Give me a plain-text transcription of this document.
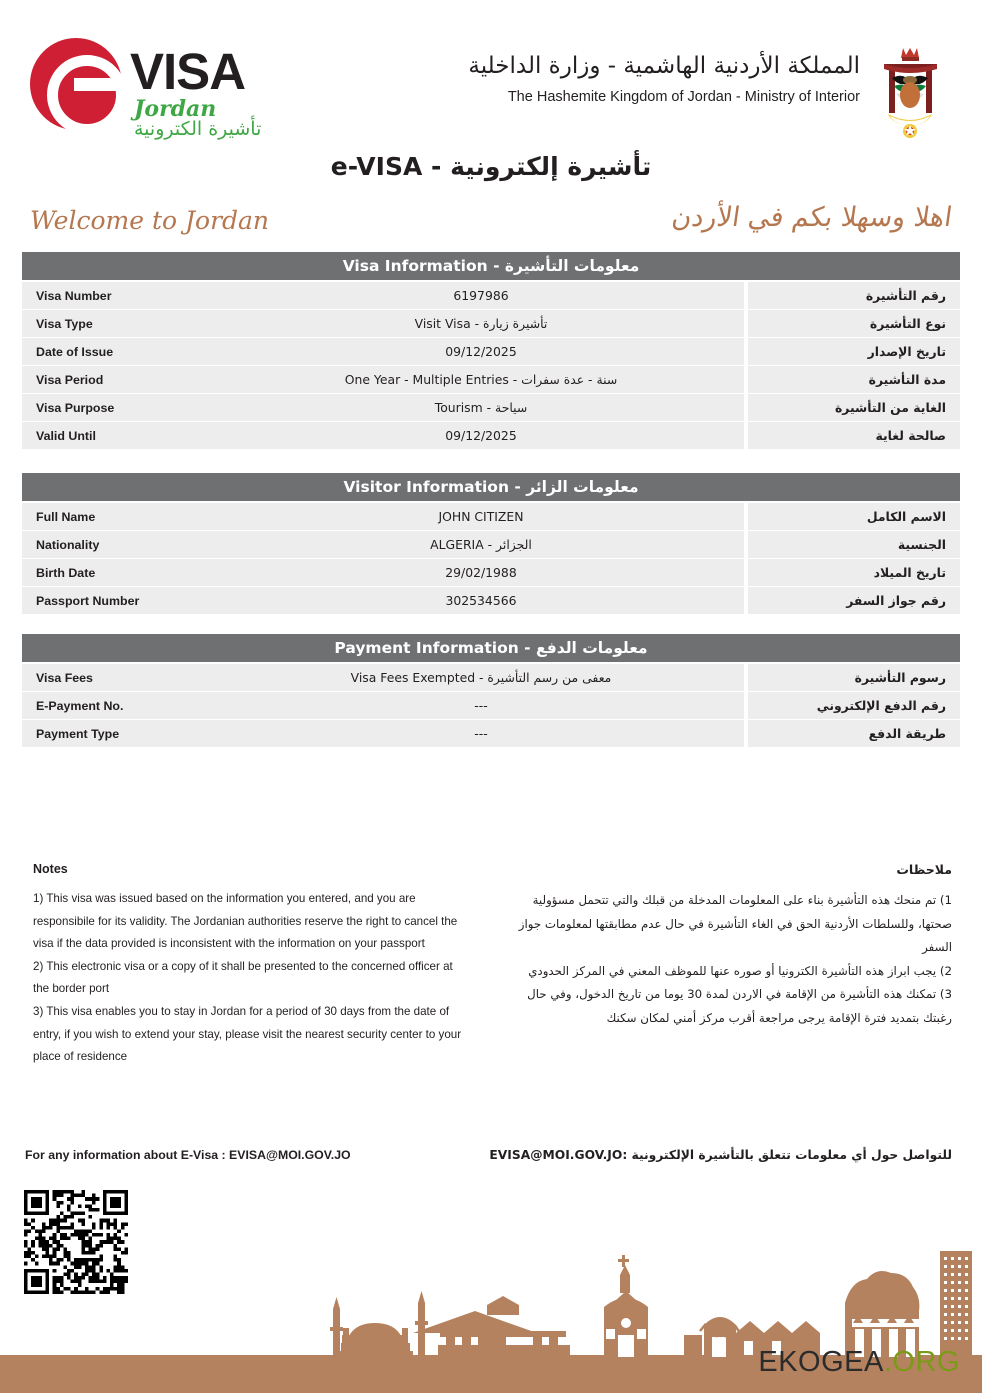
VISA
Jordan
تأشيرة الكترونية
المملكة الأردنية الهاشمية - وزارة الداخلية
The Hashemite Kingdom of Jordan - Ministry of Interior
تأشيرة إلكترونية - e-VISA
Welcome to Jordan	اهلا وسهلا بكم في الأردن
معلومات التأشيرة - Visa Information
Visa Number	6197986		رقم التأشيرة
Visa Type	تأشيرة زيارة - Visit Visa		نوع التأشيرة
Date of Issue	09/12/2025		تاريخ الإصدار
Visa Period	سنة - عدة سفرات - One Year - Multiple Entries		مدة التأشيرة
Visa Purpose	سياحة - Tourism		الغاية من التأشيرة
Valid Until	09/12/2025		صالحة لغاية
معلومات الزائر - Visitor Information
Full Name	JOHN CITIZEN		الاسم الكامل
Nationality	الجزائر - ALGERIA		الجنسية
Birth Date	29/02/1988		تاريخ الميلاد
Passport Number	302534566		رقم جواز السفر
معلومات الدفع - Payment Information
Visa Fees	معفى من رسم التأشيرة - Visa Fees Exempted		رسوم التأشيرة
E-Payment No.	---		رقم الدفع الإلكتروني
Payment Type	---		طريقة الدفع
Notes
1) This visa was issued based on the information you entered, and you are responsibile for its validity. The Jordanian authorities reserve the right to cancel the visa if the data provided is inconsistent with the information on your passport
2) This electronic visa or a copy of it shall be presented to the concerned officer at the border port
3) This visa enables you to stay in Jordan for a period of 30 days from the date of entry, if you wish to extend your stay, please visit the nearest security center to your place of residence
ملاحظات
1) تم منحك هذه التأشيرة بناء على المعلومات المدخلة من قبلك والتي تتحمل مسؤولية صحتها، وللسلطات الأردنية الحق في الغاء التأشيرة في حال عدم مطابقتها لمعلومات جواز السفر
2) يجب ابراز هذه التأشيرة الكترونيا أو صوره عنها للموظف المعني في المركز الحدودي
3) تمكنك هذه التأشيرة من الإقامة في الاردن لمدة 30 يوما من تاريخ الدخول، وفي حال رغبتك بتمديد فترة الإقامة يرجى مراجعة أقرب مركز أمني لمكان سكنك
For any information about E-Visa : EVISA@MOI.GOV.JO	للتواصل حول أي معلومات تتعلق بالتأشيرة الإلكترونية :EVISA@MOI.GOV.JO
EKOGEA.ORG
